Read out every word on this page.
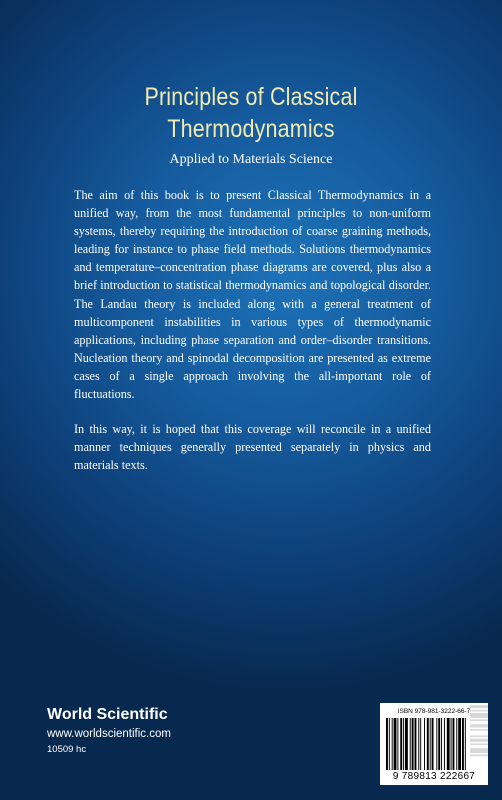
Principles of Classical
Thermodynamics
Applied to Materials Science

The aim of this book is to present Classical Thermodynamics in a unified way, from the most fundamental principles to non-uniform systems, thereby requiring the introduction of coarse graining methods, leading for instance to phase field methods. Solutions thermodynamics and temperature–concentration phase diagrams are covered, plus also a brief introduction to statistical thermodynamics and topological disorder. The Landau theory is included along with a general treatment of multicomponent instabilities in various types of thermodynamic applications, including phase separation and order–disorder transitions. Nucleation theory and spinodal decomposition are presented as extreme cases of a single approach involving the all-important role of fluctuations.

In this way, it is hoped that this coverage will reconcile in a unified manner techniques generally presented separately in physics and materials texts.

World Scientific
www.worldscientific.com
10509 hc
ISBN 978-981-3222-66-7
9 789813 222667
